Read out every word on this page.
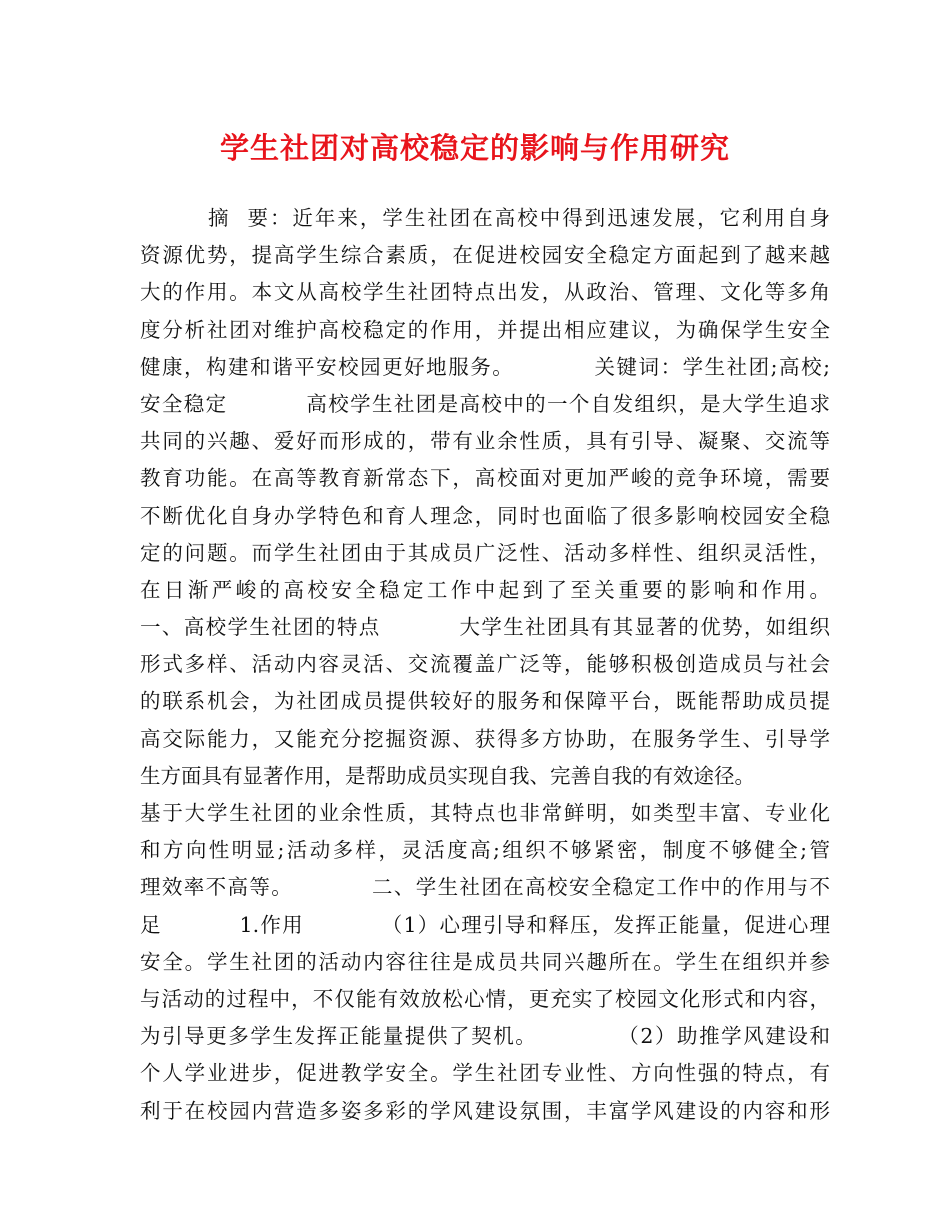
学生社团对高校稳定的影响与作用研究
摘  要：近年来，学生社团在高校中得到迅速发展，它利用自身
资源优势，提高学生综合素质，在促进校园安全稳定方面起到了越来越
大的作用。本文从高校学生社团特点出发，从政治、管理、文化等多角
度分析社团对维护高校稳定的作用，并提出相应建议，为确保学生安全
健康，构建和谐平安校园更好地服务。          关键词：学生社团;高校;
安全稳定          高校学生社团是高校中的一个自发组织，是大学生追求
共同的兴趣、爱好而形成的，带有业余性质，具有引导、凝聚、交流等
教育功能。在高等教育新常态下，高校面对更加严峻的竞争环境，需要
不断优化自身办学特色和育人理念，同时也面临了很多影响校园安全稳
定的问题。而学生社团由于其成员广泛性、活动多样性、组织灵活性，
在日渐严峻的高校安全稳定工作中起到了至关重要的影响和作用。
一、高校学生社团的特点          大学生社团具有其显著的优势，如组织
形式多样、活动内容灵活、交流覆盖广泛等，能够积极创造成员与社会
的联系机会，为社团成员提供较好的服务和保障平台，既能帮助成员提
高交际能力，又能充分挖掘资源、获得多方协助，在服务学生、引导学
生方面具有显著作用，是帮助成员实现自我、完善自我的有效途径。
基于大学生社团的业余性质，其特点也非常鲜明，如类型丰富、专业化
和方向性明显;活动多样，灵活度高;组织不够紧密，制度不够健全;管
理效率不高等。          二、学生社团在高校安全稳定工作中的作用与不
足          1.作用          （1）心理引导和释压，发挥正能量，促进心理
安全。学生社团的活动内容往往是成员共同兴趣所在。学生在组织并参
与活动的过程中，不仅能有效放松心情，更充实了校园文化形式和内容，
为引导更多学生发挥正能量提供了契机。          （2）助推学风建设和
个人学业进步，促进教学安全。学生社团专业性、方向性强的特点，有
利于在校园内营造多姿多彩的学风建设氛围，丰富学风建设的内容和形
